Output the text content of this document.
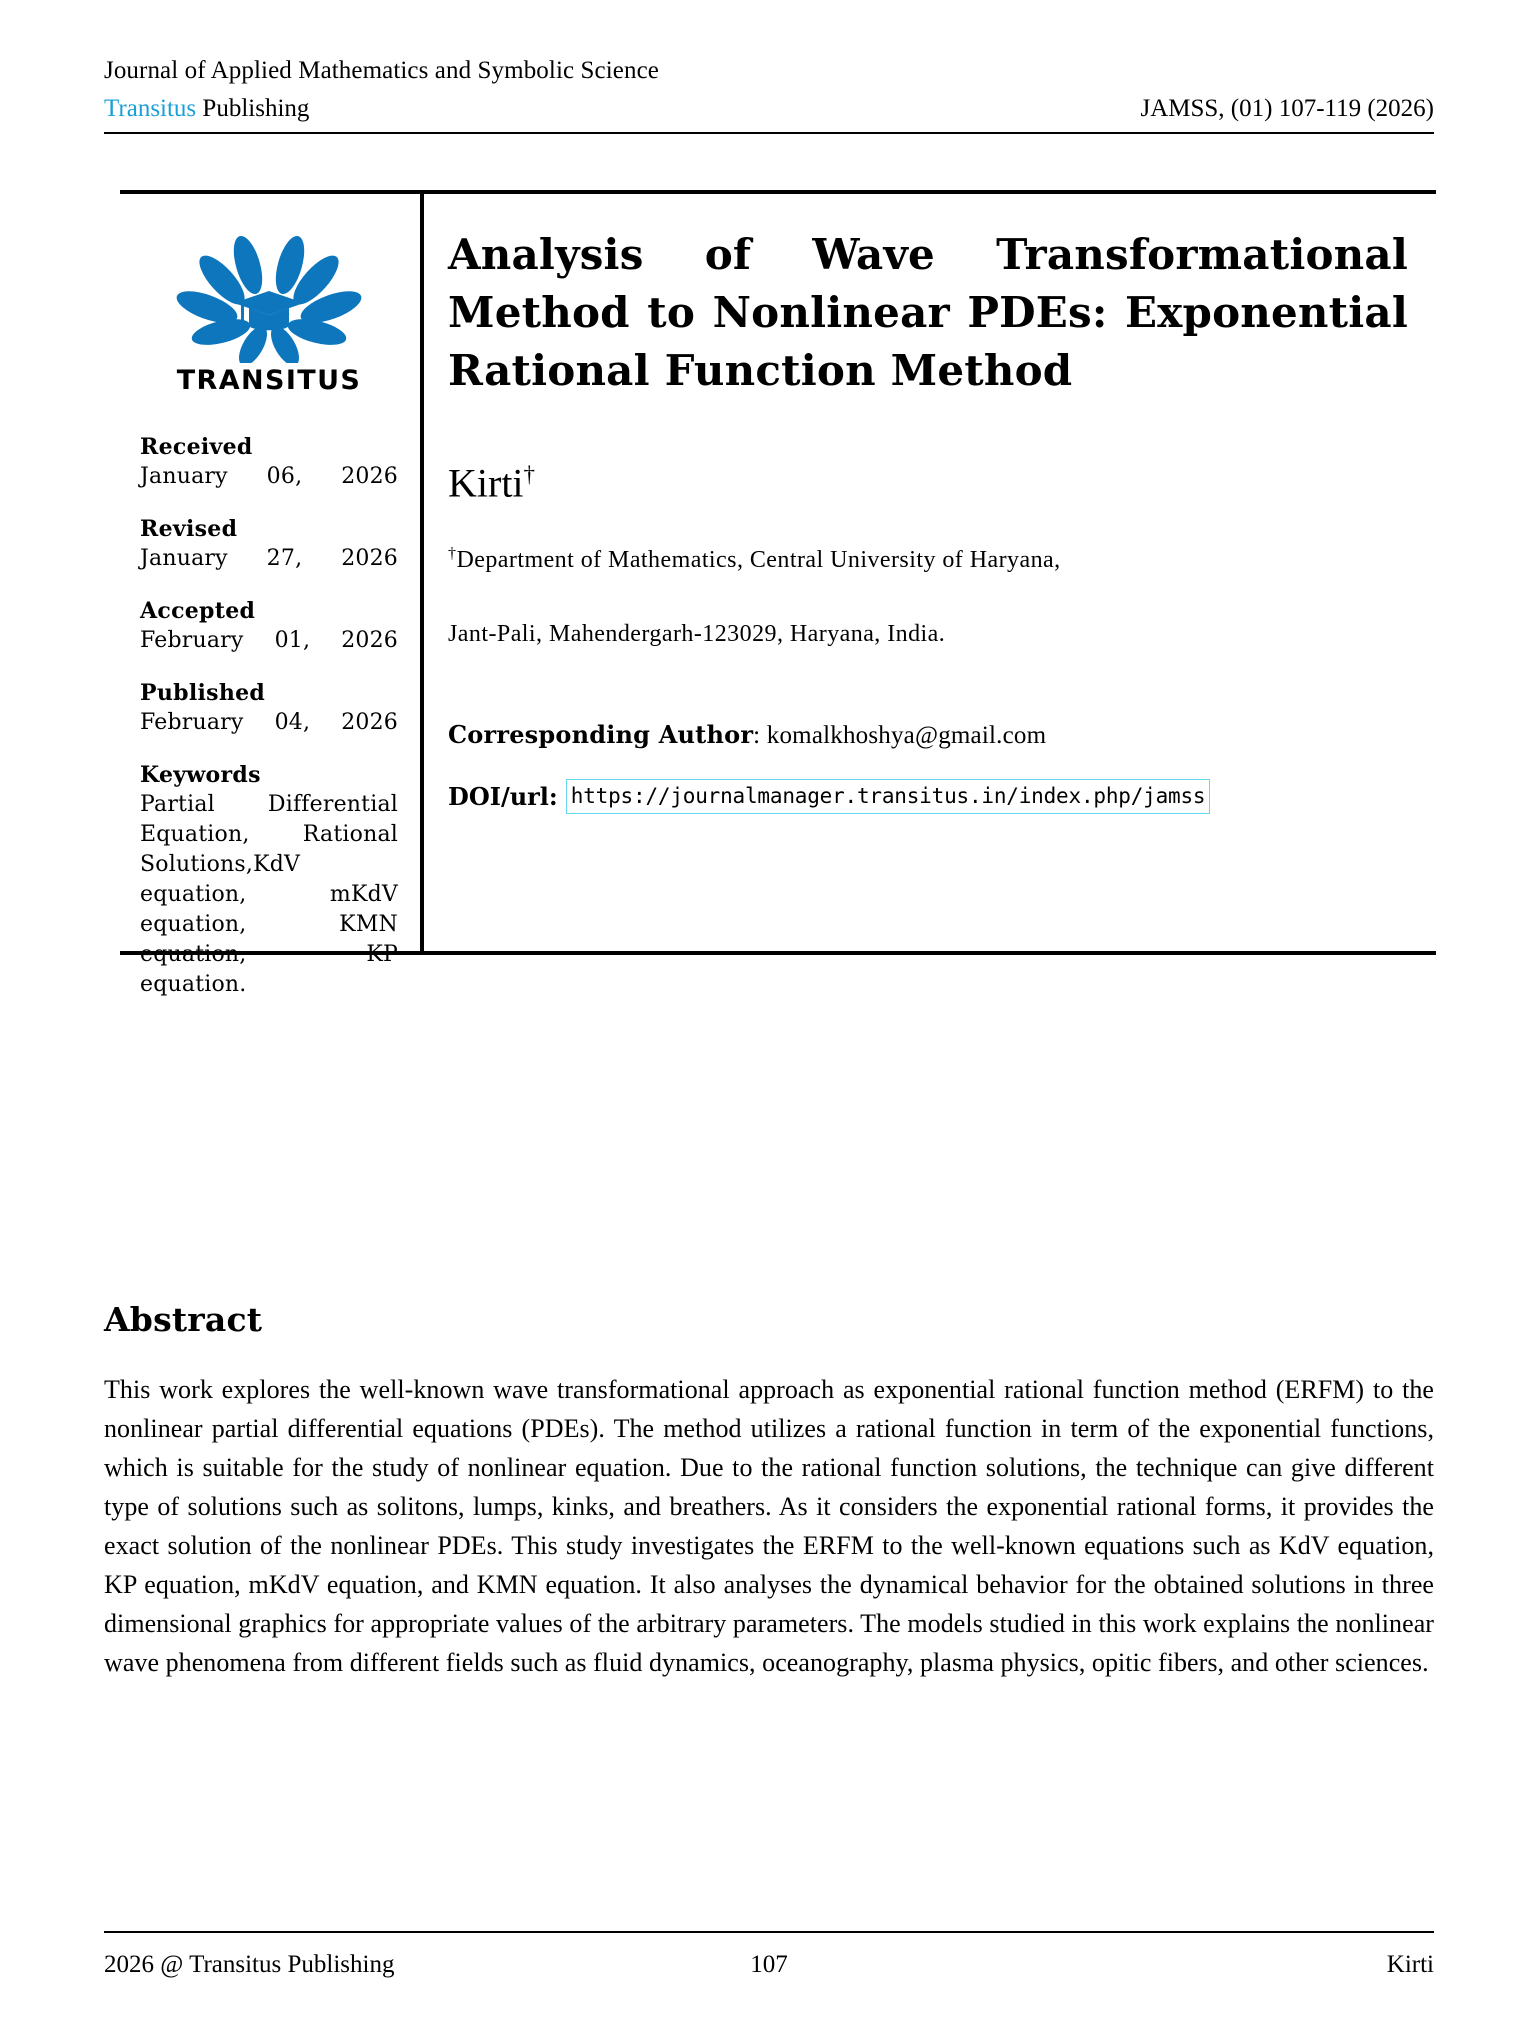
Journal of Applied Mathematics and Symbolic Science
Transitus Publishing	JAMSS, (01) 107-119 (2026)
TRANSITUS
Received
January 06, 2026
Revised
January 27, 2026
Accepted
February 01, 2026
Published
February 04, 2026
Keywords
Partial Differential Equation, Rational Solutions,KdV equation, mKdV equation, KMN equation, KP equation.
Analysis of Wave Transformational Method to Nonlinear PDEs: Exponential Rational Function Method
Kirti†
†Department of Mathematics, Central University of Haryana,
Jant-Pali, Mahendergarh-123029, Haryana, India.
Corresponding Author: komalkhoshya@gmail.com
DOI/url: https://journalmanager.transitus.in/index.php/jamss
Abstract

This work explores the well-known wave transformational approach as exponential rational function method (ERFM) to the nonlinear partial differential equations (PDEs). The method utilizes a rational function in term of the exponential functions, which is suitable for the study of nonlinear equation. Due to the rational function solutions, the technique can give different type of solutions such as solitons, lumps, kinks, and breathers. As it considers the exponential rational forms, it provides the exact solution of the nonlinear PDEs. This study investigates the ERFM to the well-known equations such as KdV equation, KP equation, mKdV equation, and KMN equation. It also analyses the dynamical behavior for the obtained solutions in three dimensional graphics for appropriate values of the arbitrary parameters. The models studied in this work explains the nonlinear wave phenomena from different fields such as fluid dynamics, oceanography, plasma physics, opitic fibers, and other sciences.

2026 @ Transitus Publishing	107	Kirti
